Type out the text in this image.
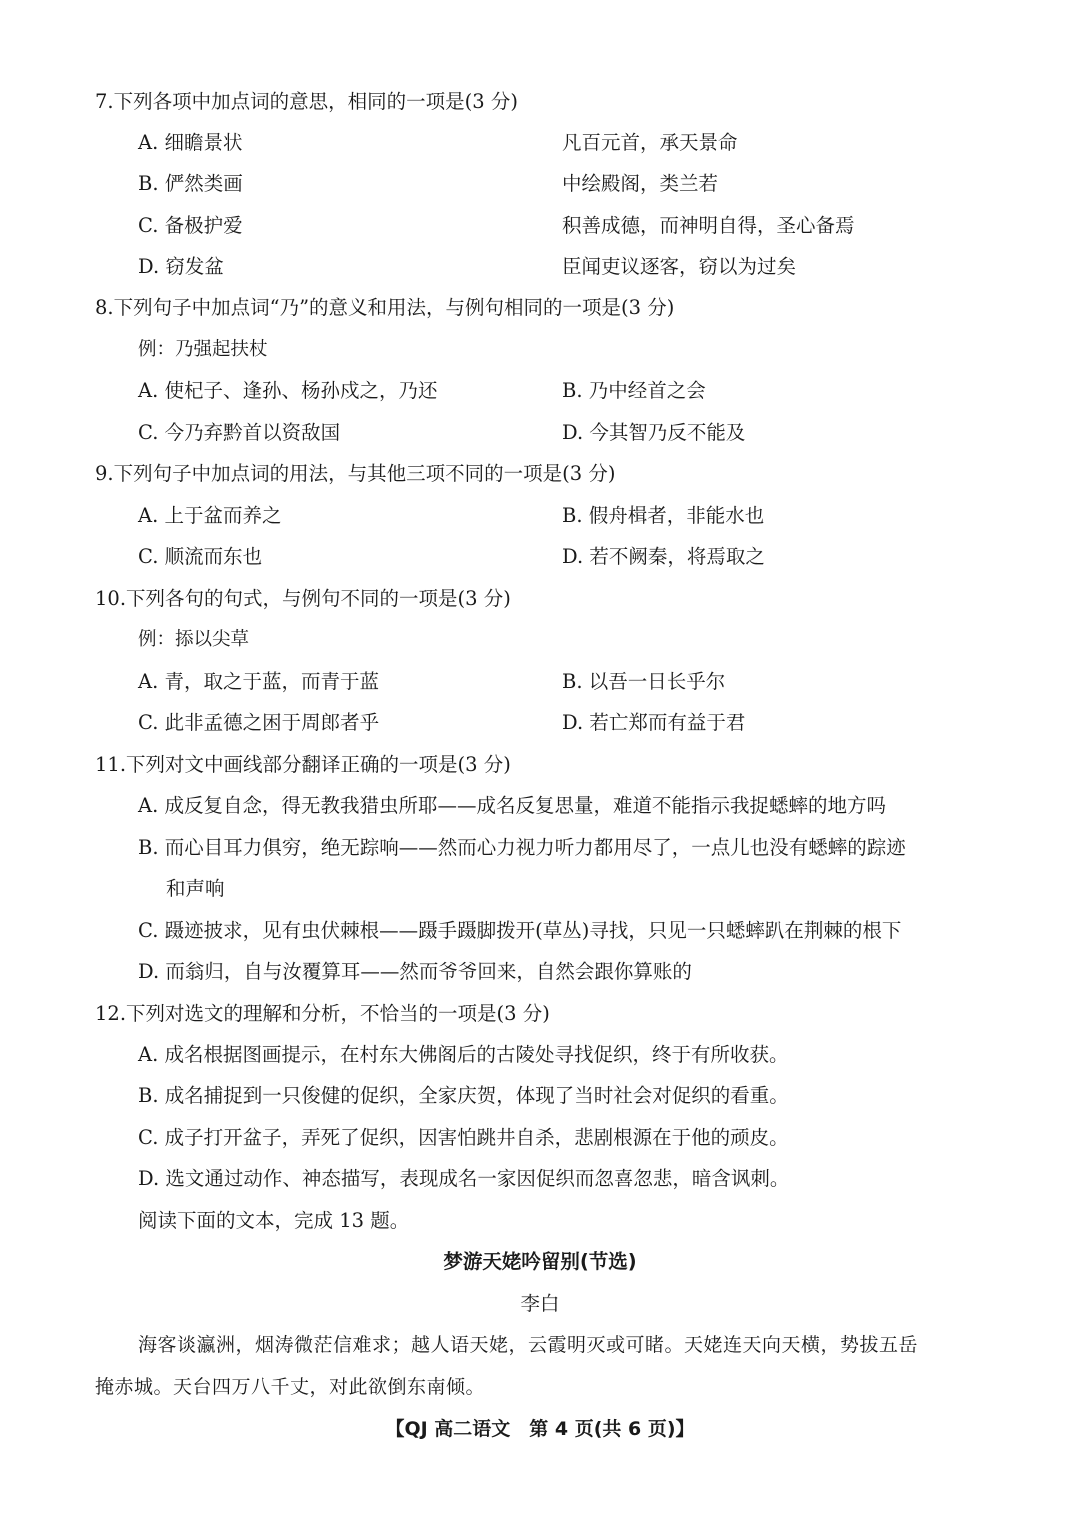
7.下列各项中加点词的意思，相同的一项是(3 分)
A. 细瞻景状	凡百元首，承天景命
B. 俨然类画	中绘殿阁，类兰若
C. 备极护爱	积善成德，而神明自得，圣心备焉
D. 窃发盆	臣闻吏议逐客，窃以为过矣
8.下列句子中加点词“乃”的意义和用法，与例句相同的一项是(3 分)
例：乃强起扶杖
A. 使杞子、逢孙、杨孙戍之，乃还	B. 乃中经首之会
C. 今乃弃黔首以资敌国	D. 今其智乃反不能及
9.下列句子中加点词的用法，与其他三项不同的一项是(3 分)
A. 上于盆而养之	B. 假舟楫者，非能水也
C. 顺流而东也	D. 若不阙秦，将焉取之
10.下列各句的句式，与例句不同的一项是(3 分)
例：掭以尖草
A. 青，取之于蓝，而青于蓝	B. 以吾一日长乎尔
C. 此非孟德之困于周郎者乎	D. 若亡郑而有益于君
11.下列对文中画线部分翻译正确的一项是(3 分)
A. 成反复自念，得无教我猎虫所耶——成名反复思量，难道不能指示我捉蟋蟀的地方吗
B. 而心目耳力俱穷，绝无踪响——然而心力视力听力都用尽了，一点儿也没有蟋蟀的踪迹
和声响
C. 蹑迹披求，见有虫伏棘根——蹑手蹑脚拨开(草丛)寻找，只见一只蟋蟀趴在荆棘的根下
D. 而翁归，自与汝覆算耳——然而爷爷回来，自然会跟你算账的
12.下列对选文的理解和分析，不恰当的一项是(3 分)
A. 成名根据图画提示，在村东大佛阁后的古陵处寻找促织，终于有所收获。
B. 成名捕捉到一只俊健的促织，全家庆贺，体现了当时社会对促织的看重。
C. 成子打开盆子，弄死了促织，因害怕跳井自杀，悲剧根源在于他的顽皮。
D. 选文通过动作、神态描写，表现成名一家因促织而忽喜忽悲，暗含讽刺。
阅读下面的文本，完成 13 题。
梦游天姥吟留别(节选)
李白
海客谈瀛洲，烟涛微茫信难求；越人语天姥，云霞明灭或可睹。天姥连天向天横，势拔五岳
掩赤城。天台四万八千丈，对此欲倒东南倾。
【QJ 高二语文　第 4 页(共 6 页)】
